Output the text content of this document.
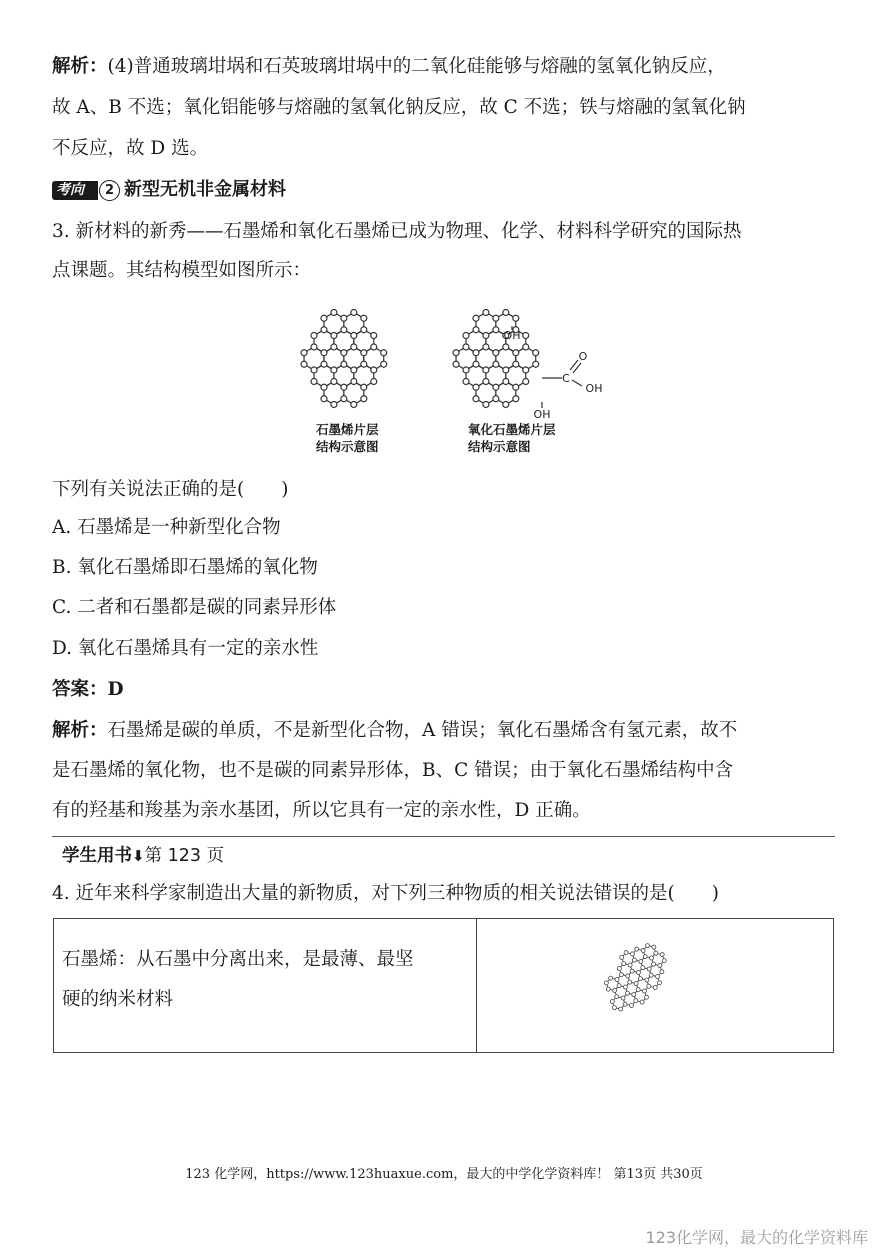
解析：(4)普通玻璃坩埚和石英玻璃坩埚中的二氧化硅能够与熔融的氢氧化钠反应，
故 A、B 不选；氧化铝能够与熔融的氢氧化钠反应，故 C 不选；铁与熔融的氢氧化钠
不反应，故 D 选。
考向	2 新型无机非金属材料
3. 新材料的新秀——石墨烯和氧化石墨烯已成为物理、化学、材料科学研究的国际热
点课题。其结构模型如图所示：
OH
C
O
OH
OH
石墨烯片层
结构示意图
氧化石墨烯片层
结构示意图
下列有关说法正确的是(　　)
A. 石墨烯是一种新型化合物
B. 氧化石墨烯即石墨烯的氧化物
C. 二者和石墨都是碳的同素异形体
D. 氧化石墨烯具有一定的亲水性
答案：D
解析：石墨烯是碳的单质，不是新型化合物，A 错误；氧化石墨烯含有氢元素，故不
是石墨烯的氧化物，也不是碳的同素异形体，B、C 错误；由于氧化石墨烯结构中含
有的羟基和羧基为亲水基团，所以它具有一定的亲水性，D 正确。
学生用书⬇第 123 页
4. 近年来科学家制造出大量的新物质，对下列三种物质的相关说法错误的是(　　)
石墨烯：从石墨中分离出来，是最薄、最坚
硬的纳米材料
123 化学网，https://www.123huaxue.com，最大的中学化学资料库！ 第13页 共30页
123化学网，最大的化学资料库
